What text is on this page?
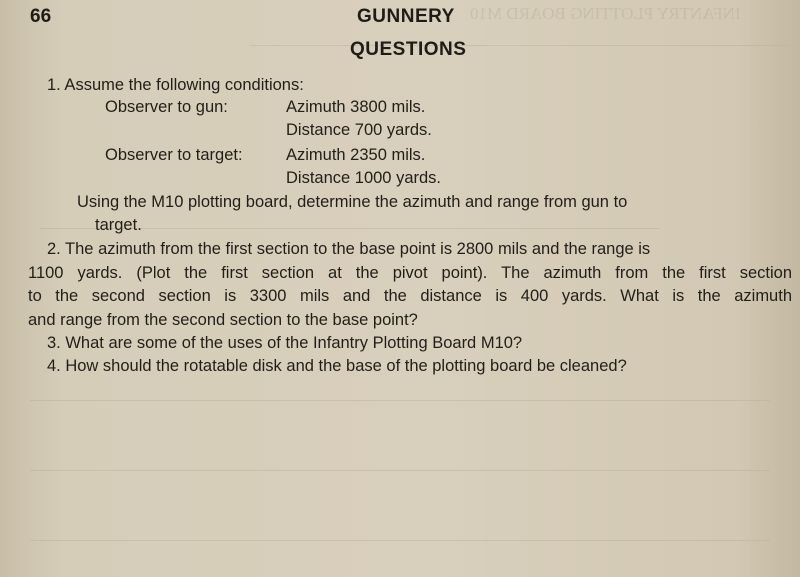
INFANTRY PLOTTING BOARD M10
66	GUNNERY
QUESTIONS
1. Assume the following conditions:
Observer to gun:	Azimuth 3800 mils.
Distance 700 yards.
Observer to target:	Azimuth 2350 mils.
Distance 1000 yards.
Using the M10 plotting board, determine the azimuth and range from gun to
target.
2. The azimuth from the first section to the base point is 2800 mils and the range is
1100 yards. (Plot the first section at the pivot point). The azimuth from the first section
to the second section is 3300 mils and the distance is 400 yards. What is the azimuth
and range from the second section to the base point?
3. What are some of the uses of the Infantry Plotting Board M10?
4. How should the rotatable disk and the base of the plotting board be cleaned?
